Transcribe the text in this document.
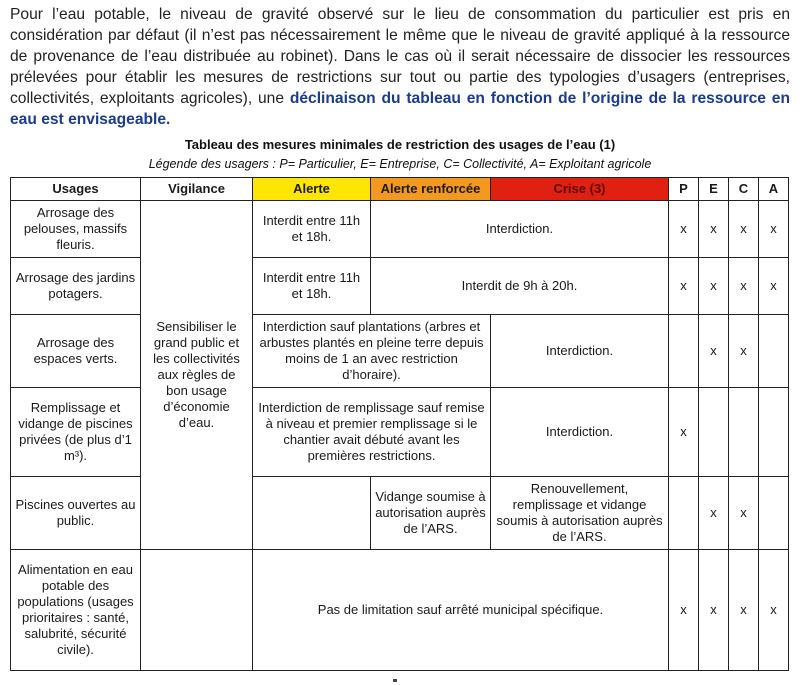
Pour l’eau potable, le niveau de gravité observé sur le lieu de consommation du particulier est pris en considération par défaut (il n’est pas nécessairement le même que le niveau de gravité appliqué à la ressource de provenance de l’eau distribuée au robinet). Dans le cas où il serait nécessaire de dissocier les ressources prélevées pour établir les mesures de restrictions sur tout ou partie des typologies d’usagers (entreprises, collectivités, exploitants agricoles), une déclinaison du tableau en fonction de l’origine de la ressource en eau est envisageable.

Tableau des mesures minimales de restriction des usages de l’eau (1)
Légende des usagers : P= Particulier, E= Entreprise, C= Collectivité, A= Exploitant agricole
Usages	Vigilance	Alerte	Alerte renforcée	Crise (3)	P	E	C	A
Arrosage des pelouses, massifs fleuris.	Sensibiliser le grand public et les collectivités aux règles de bon usage d’économie d’eau.	Interdit entre 11h et 18h.	Interdiction.		x	x	x	x
Arrosage des jardins potagers.		Interdit entre 11h et 18h.	Interdit de 9h à 20h.		x	x	x	x
Arrosage des espaces verts.		Interdiction sauf plantations (arbres et arbustes plantés en pleine terre depuis moins de 1 an avec restriction d’horaire).		Interdiction.		x	x	
Remplissage et vidange de piscines privées (de plus d’1 m³).		Interdiction de remplissage sauf remise à niveau et premier remplissage si le chantier avait débuté avant les premières restrictions.		Interdiction.	x			
Piscines ouvertes au public.			Vidange soumise à autorisation auprès de l’ARS.	Renouvellement, remplissage et vidange soumis à autorisation auprès de l’ARS.		x	x	
Alimentation en eau potable des populations (usages prioritaires : santé, salubrité, sécurité civile).		Pas de limitation sauf arrêté municipal spécifique.			x	x	x	x
